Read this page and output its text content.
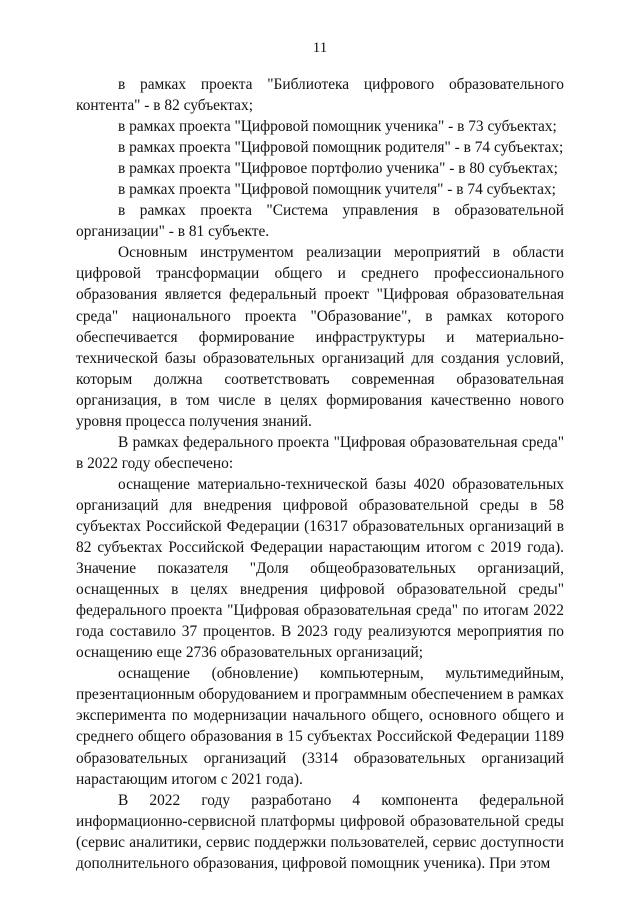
11

в рамках проекта "Библиотека цифрового образовательного контента" - в 82 субъектах;

в рамках проекта "Цифровой помощник ученика" - в 73 субъектах;

в рамках проекта "Цифровой помощник родителя" - в 74 субъектах;

в рамках проекта "Цифровое портфолио ученика" - в 80 субъектах;

в рамках проекта "Цифровой помощник учителя" - в 74 субъектах;

в рамках проекта "Система управления в образовательной организации" - в 81 субъекте.

Основным инструментом реализации мероприятий в области цифровой трансформации общего и среднего профессионального образования является федеральный проект "Цифровая образовательная среда" национального проекта "Образование", в рамках которого обеспечивается формирование инфраструктуры и материально-технической базы образовательных организаций для создания условий, которым должна соответствовать современная образовательная организация, в том числе в целях формирования качественно нового уровня процесса получения знаний.

В рамках федерального проекта "Цифровая образовательная среда" в 2022 году обеспечено:

оснащение материально-технической базы 4020 образовательных организаций для внедрения цифровой образовательной среды в 58 субъектах Российской Федерации (16317 образовательных организаций в 82 субъектах Российской Федерации нарастающим итогом с 2019 года). Значение показателя "Доля общеобразовательных организаций, оснащенных в целях внедрения цифровой образовательной среды" федерального проекта "Цифровая образовательная среда" по итогам 2022 года составило 37 процентов. В 2023 году реализуются мероприятия по оснащению еще 2736 образовательных организаций;

оснащение (обновление) компьютерным, мультимедийным, презентационным оборудованием и программным обеспечением в рамках эксперимента по модернизации начального общего, основного общего и среднего общего образования в 15 субъектах Российской Федерации 1189 образовательных организаций (3314 образовательных организаций нарастающим итогом с 2021 года).

В 2022 году разработано 4 компонента федеральной информационно-сервисной платформы цифровой образовательной среды (сервис аналитики, сервис поддержки пользователей, сервис доступности дополнительного образования, цифровой помощник ученика). При этом
